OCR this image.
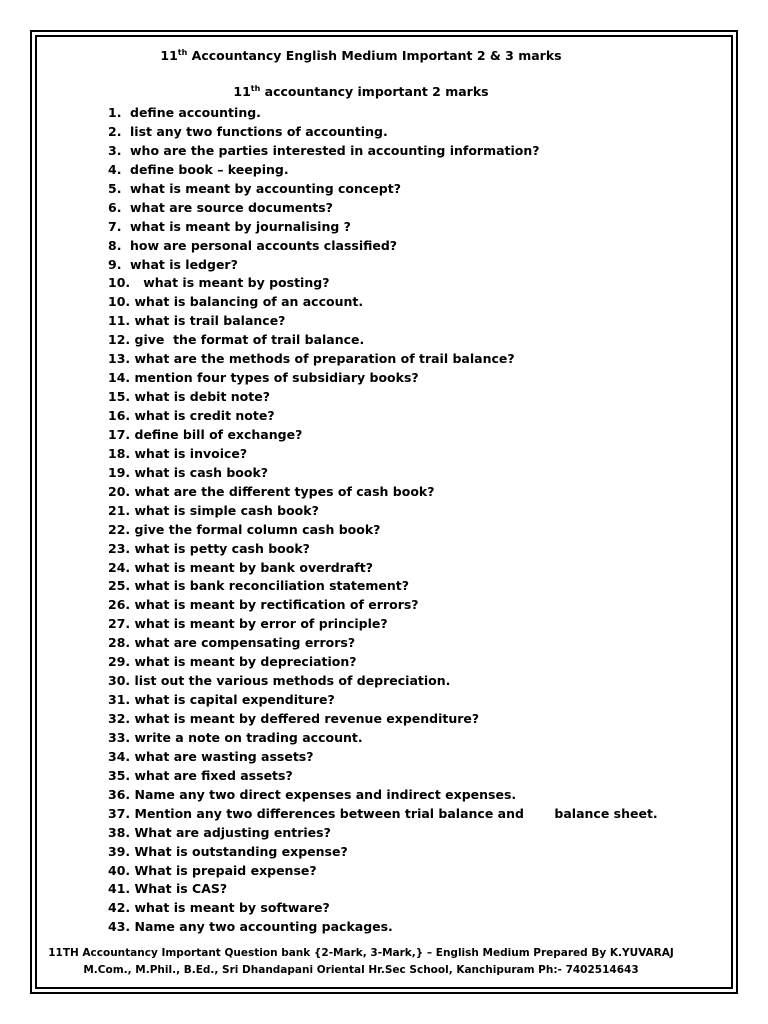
11th Accountancy English Medium Important 2 & 3 marks
11th accountancy important 2 marks
1. define accounting.
2. list any two functions of accounting.
3. who are the parties interested in accounting information?
4. define book – keeping.
5. what is meant by accounting concept?
6. what are source documents?
7. what is meant by journalising ?
8. how are personal accounts classified?
9. what is ledger?
10. what is meant by posting?
10. what is balancing of an account.
11. what is trail balance?
12. give  the format of trail balance.
13. what are the methods of preparation of trail balance?
14. mention four types of subsidiary books?
15. what is debit note?
16. what is credit note?
17. define bill of exchange?
18. what is invoice?
19. what is cash book?
20. what are the different types of cash book?
21. what is simple cash book?
22. give the formal column cash book?
23. what is petty cash book?
24. what is meant by bank overdraft?
25. what is bank reconciliation statement?
26. what is meant by rectification of errors?
27. what is meant by error of principle?
28. what are compensating errors?
29. what is meant by depreciation?
30. list out the various methods of depreciation.
31. what is capital expenditure?
32. what is meant by deffered revenue expenditure?
33. write a note on trading account.
34. what are wasting assets?
35. what are fixed assets?
36. Name any two direct expenses and indirect expenses.
37. Mention any two differences between trial balance and       balance sheet.
38. What are adjusting entries?
39. What is outstanding expense?
40. What is prepaid expense?
41. What is CAS?
42. what is meant by software?
43. Name any two accounting packages.
11TH Accountancy Important Question bank {2-Mark, 3-Mark,} – English Medium Prepared By K.YUVARAJ
M.Com., M.Phil., B.Ed., Sri Dhandapani Oriental Hr.Sec School, Kanchipuram Ph:- 7402514643
